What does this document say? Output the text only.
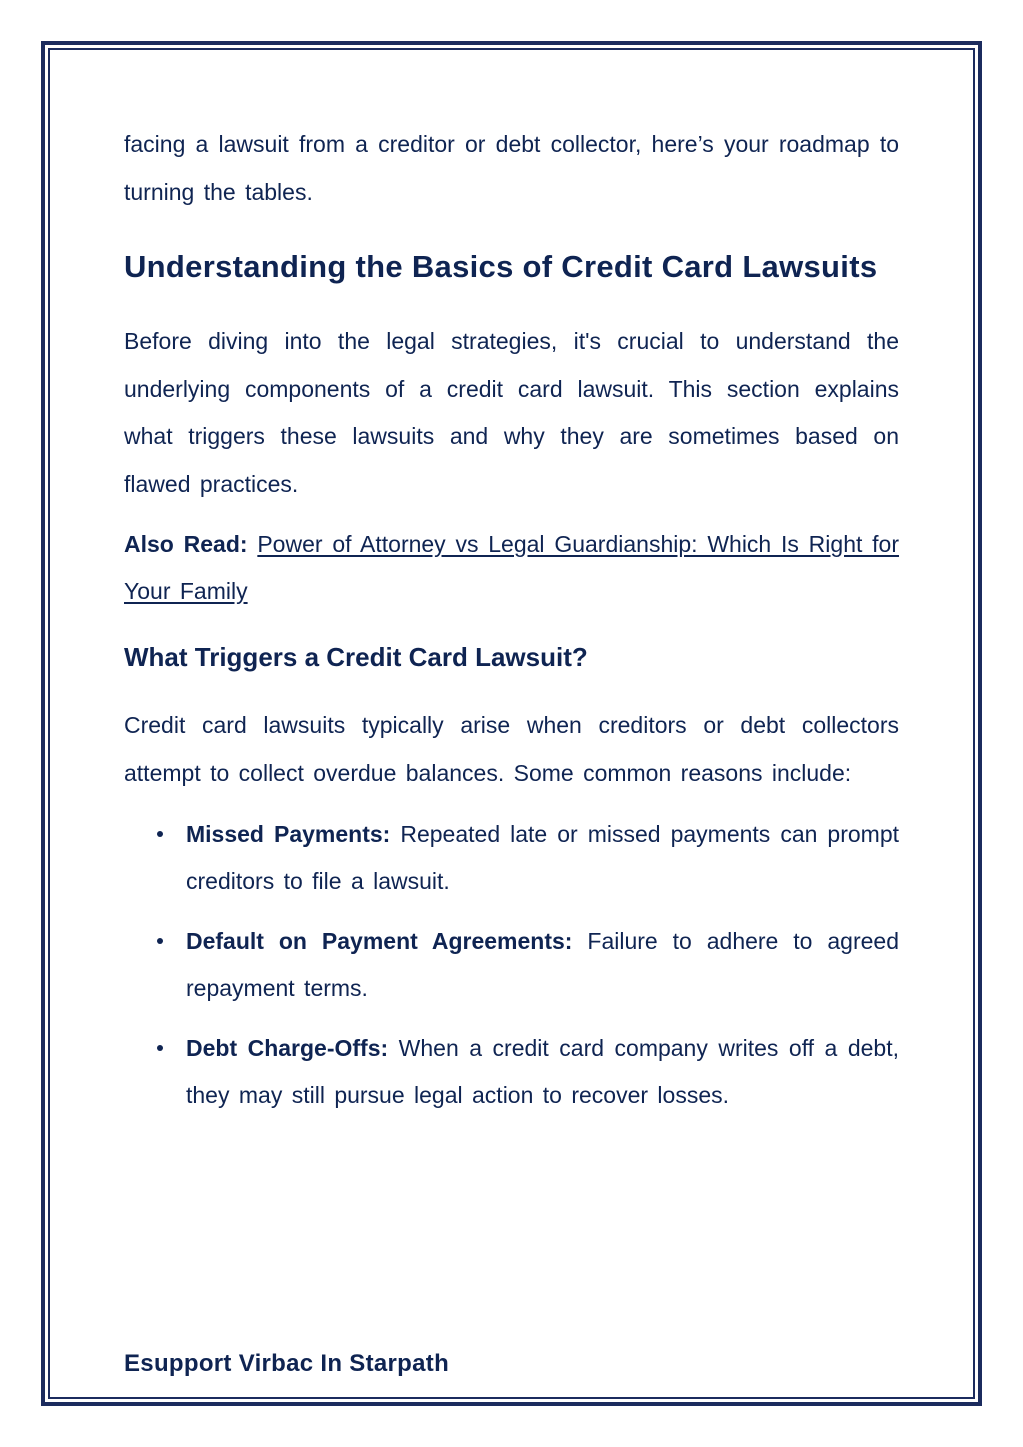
facing a lawsuit from a creditor or debt collector, here’s your roadmap to turning the tables.

Understanding the Basics of Credit Card Lawsuits

Before diving into the legal strategies, it's crucial to understand the underlying components of a credit card lawsuit. This section explains what triggers these lawsuits and why they are sometimes based on flawed practices.

Also Read: Power of Attorney vs Legal Guardianship: Which Is Right for Your Family

What Triggers a Credit Card Lawsuit?

Credit card lawsuits typically arise when creditors or debt collectors attempt to collect overdue balances. Some common reasons include:

Missed Payments: Repeated late or missed payments can prompt creditors to file a lawsuit.
Default on Payment Agreements: Failure to adhere to agreed repayment terms.
Debt Charge-Offs: When a credit card company writes off a debt, they may still pursue legal action to recover losses.
Esupport Virbac In Starpath
